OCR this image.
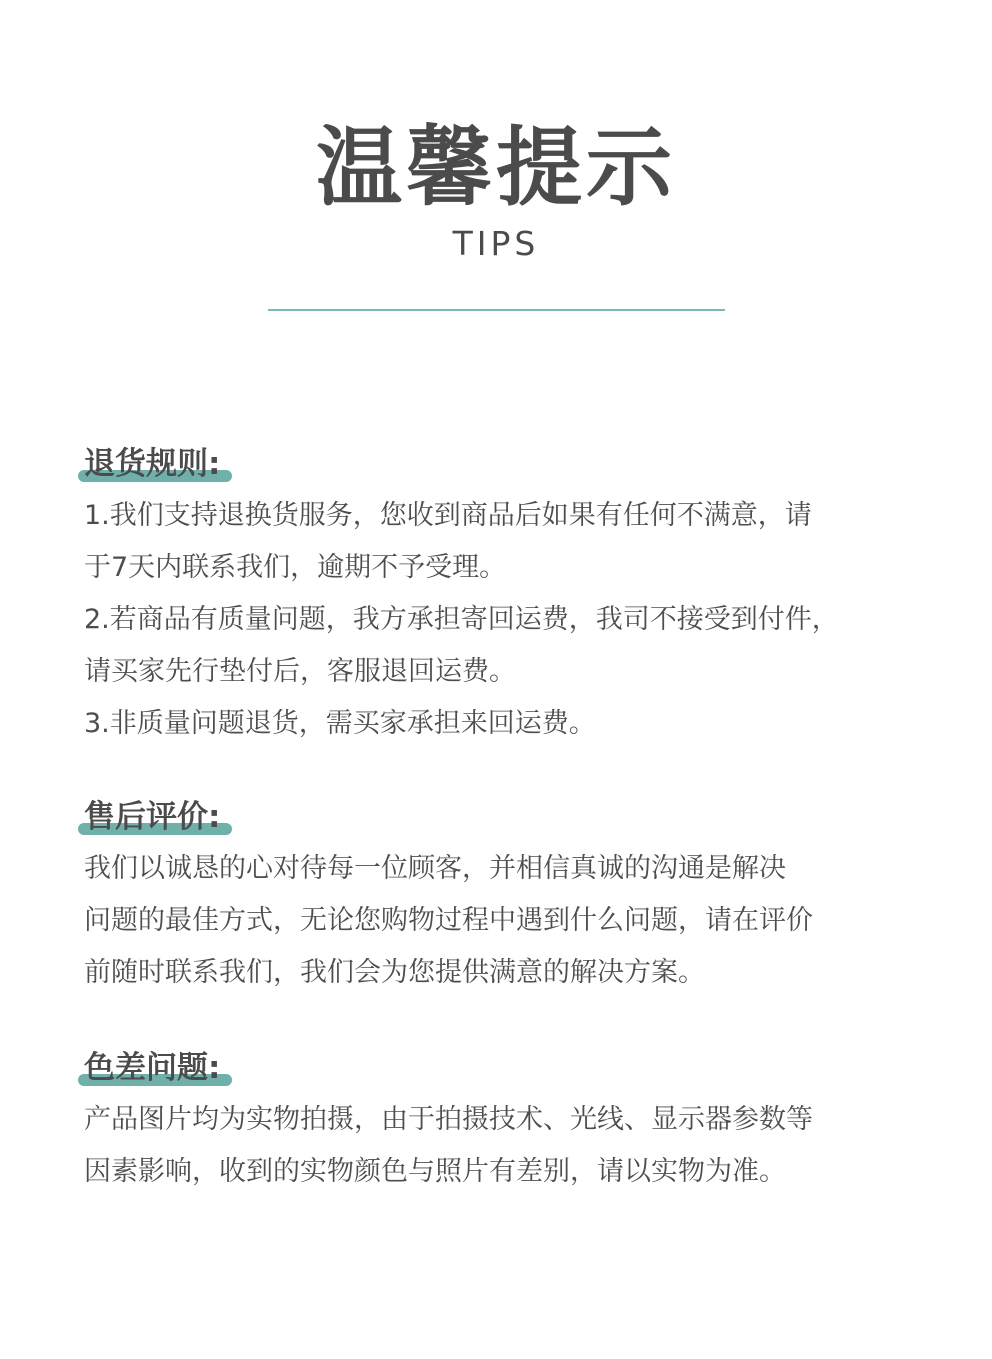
温馨提示
TIPS
退货规则:
1.我们支持退换货服务，您收到商品后如果有任何不满意，请
于7天内联系我们，逾期不予受理。
2.若商品有质量问题，我方承担寄回运费，我司不接受到付件，
请买家先行垫付后，客服退回运费。
3.非质量问题退货，需买家承担来回运费。
售后评价:
我们以诚恳的心对待每一位顾客，并相信真诚的沟通是解决
问题的最佳方式，无论您购物过程中遇到什么问题，请在评价
前随时联系我们，我们会为您提供满意的解决方案。
色差问题:
产品图片均为实物拍摄，由于拍摄技术、光线、显示器参数等
因素影响，收到的实物颜色与照片有差别，请以实物为准。
